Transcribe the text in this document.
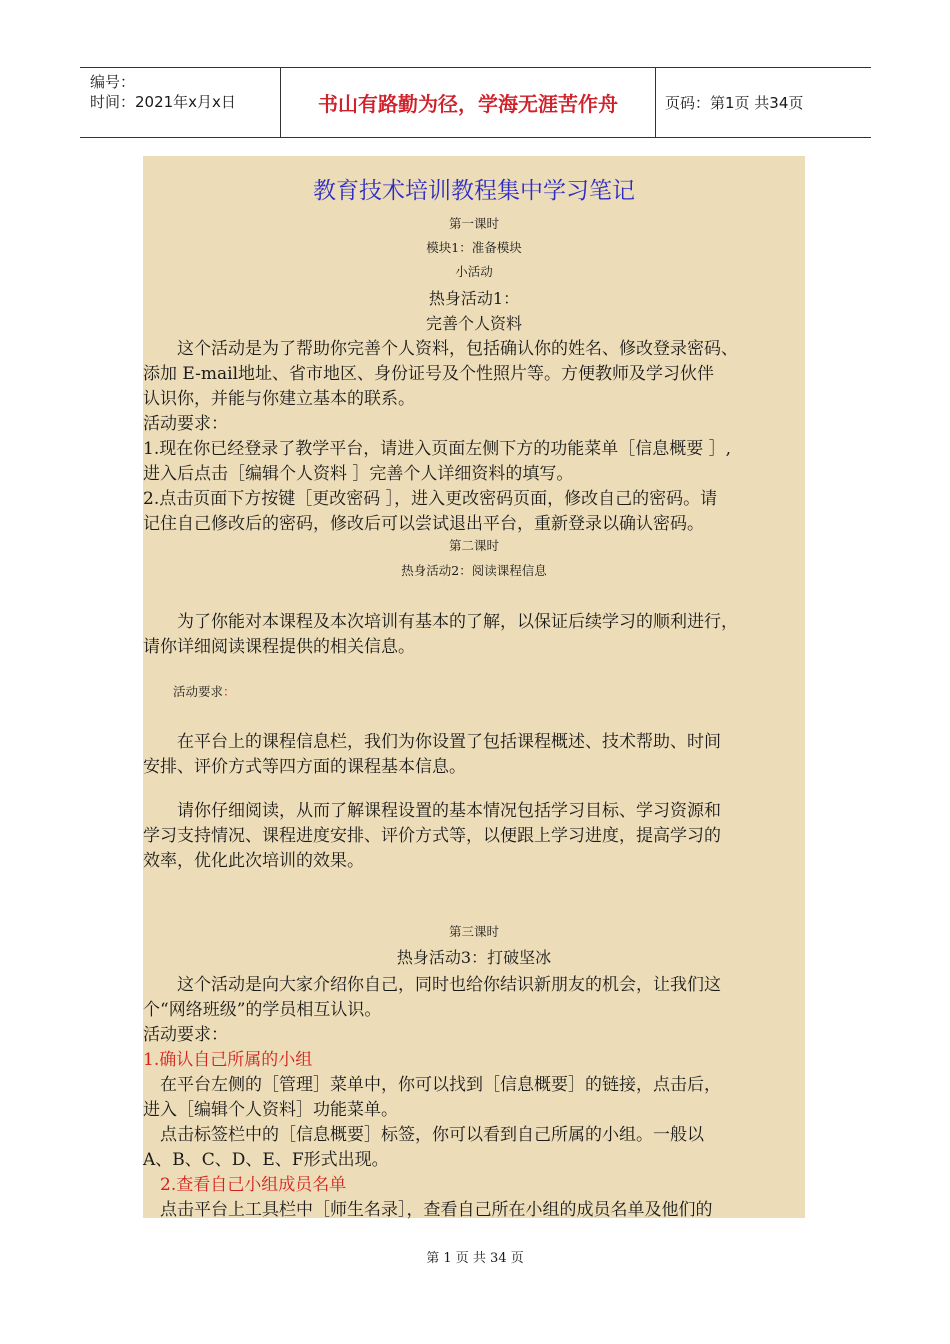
编号：
时间：2021年x月x日	书山有路勤为径，学海无涯苦作舟	页码：第1页 共34页
教育技术培训教程集中学习笔记
第一课时
模块1：准备模块
小活动
热身活动1：
完善个人资料
　　这个活动是为了帮助你完善个人资料，包括确认你的姓名、修改登录密码、
添加 E-mail地址、省市地区、身份证号及个性照片等。方便教师及学习伙伴
认识你，并能与你建立基本的联系。
活动要求：
1.现在你已经登录了教学平台，请进入页面左侧下方的功能菜单［信息概要 ］,
进入后点击［编辑个人资料 ］完善个人详细资料的填写。
2.点击页面下方按键［更改密码 ］，进入更改密码页面，修改自己的密码。请
记住自己修改后的密码，修改后可以尝试退出平台，重新登录以确认密码。
第二课时
热身活动2：阅读课程信息
　　为了你能对本课程及本次培训有基本的了解，以保证后续学习的顺利进行，
请你详细阅读课程提供的相关信息。
活动要求：
　　在平台上的课程信息栏，我们为你设置了包括课程概述、技术帮助、时间
安排、评价方式等四方面的课程基本信息。
　　请你仔细阅读，从而了解课程设置的基本情况包括学习目标、学习资源和
学习支持情况、课程进度安排、评价方式等，以便跟上学习进度，提高学习的
效率，优化此次培训的效果。
第三课时
热身活动3：打破坚冰
　　这个活动是向大家介绍你自己，同时也给你结识新朋友的机会，让我们这
个“网络班级”的学员相互认识。
活动要求：
1.确认自己所属的小组
　在平台左侧的［管理］菜单中，你可以找到［信息概要］的链接，点击后，
进入［编辑个人资料］功能菜单。
　点击标签栏中的［信息概要］标签，你可以看到自己所属的小组。一般以
A、B、C、D、E、F形式出现。
　2.查看自己小组成员名单
　点击平台上工具栏中［师生名录］，查看自己所在小组的成员名单及他们的
第 1 页 共 34 页
